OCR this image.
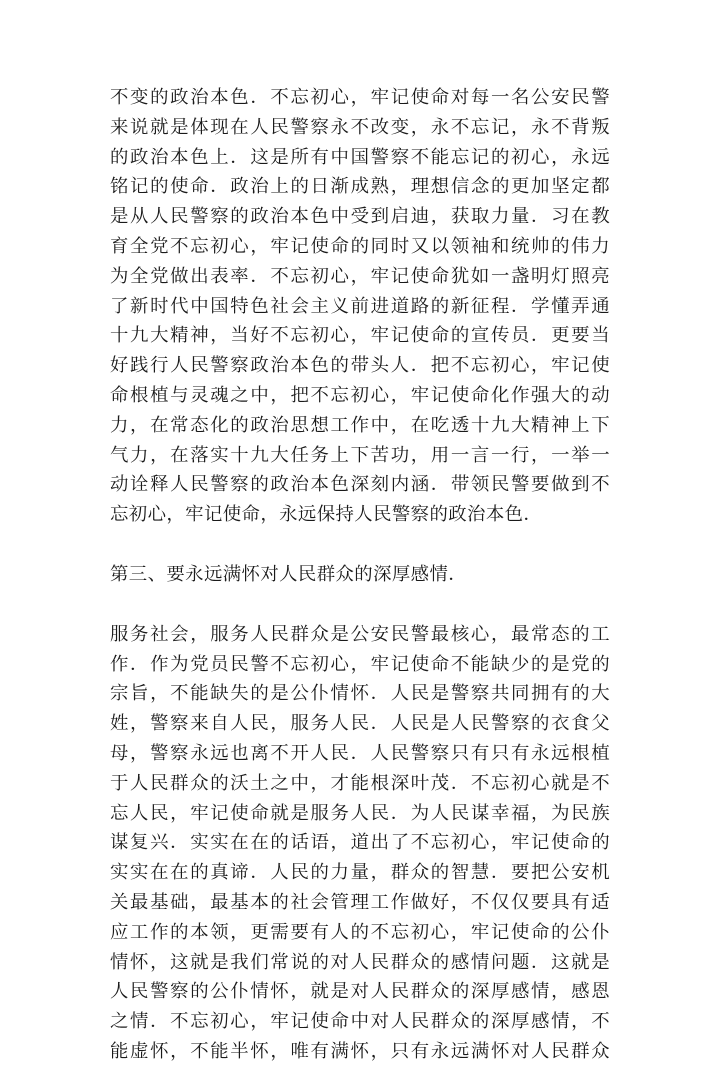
不变的政治本色．不忘初心，牢记使命对每一名公安民警
来说就是体现在人民警察永不改变，永不忘记，永不背叛
的政治本色上．这是所有中国警察不能忘记的初心，永远
铭记的使命．政治上的日渐成熟，理想信念的更加坚定都
是从人民警察的政治本色中受到启迪，获取力量．习在教
育全党不忘初心，牢记使命的同时又以领袖和统帅的伟力
为全党做出表率．不忘初心，牢记使命犹如一盏明灯照亮
了新时代中国特色社会主义前进道路的新征程．学懂弄通
十九大精神，当好不忘初心，牢记使命的宣传员．更要当
好践行人民警察政治本色的带头人．把不忘初心，牢记使
命根植与灵魂之中，把不忘初心，牢记使命化作强大的动
力，在常态化的政治思想工作中，在吃透十九大精神上下
气力，在落实十九大任务上下苦功，用一言一行，一举一
动诠释人民警察的政治本色深刻内涵．带领民警要做到不
忘初心，牢记使命，永远保持人民警察的政治本色．
第三、要永远满怀对人民群众的深厚感情．
服务社会，服务人民群众是公安民警最核心，最常态的工
作．作为党员民警不忘初心，牢记使命不能缺少的是党的
宗旨，不能缺失的是公仆情怀．人民是警察共同拥有的大
姓，警察来自人民，服务人民．人民是人民警察的衣食父
母，警察永远也离不开人民．人民警察只有只有永远根植
于人民群众的沃土之中，才能根深叶茂．不忘初心就是不
忘人民，牢记使命就是服务人民．为人民谋幸福，为民族
谋复兴．实实在在的话语，道出了不忘初心，牢记使命的
实实在在的真谛．人民的力量，群众的智慧．要把公安机
关最基础，最基本的社会管理工作做好，不仅仅要具有适
应工作的本领，更需要有人的不忘初心，牢记使命的公仆
情怀，这就是我们常说的对人民群众的感情问题．这就是
人民警察的公仆情怀，就是对人民群众的深厚感情，感恩
之情．不忘初心，牢记使命中对人民群众的深厚感情，不
能虚怀，不能半怀，唯有满怀，只有永远满怀对人民群众
